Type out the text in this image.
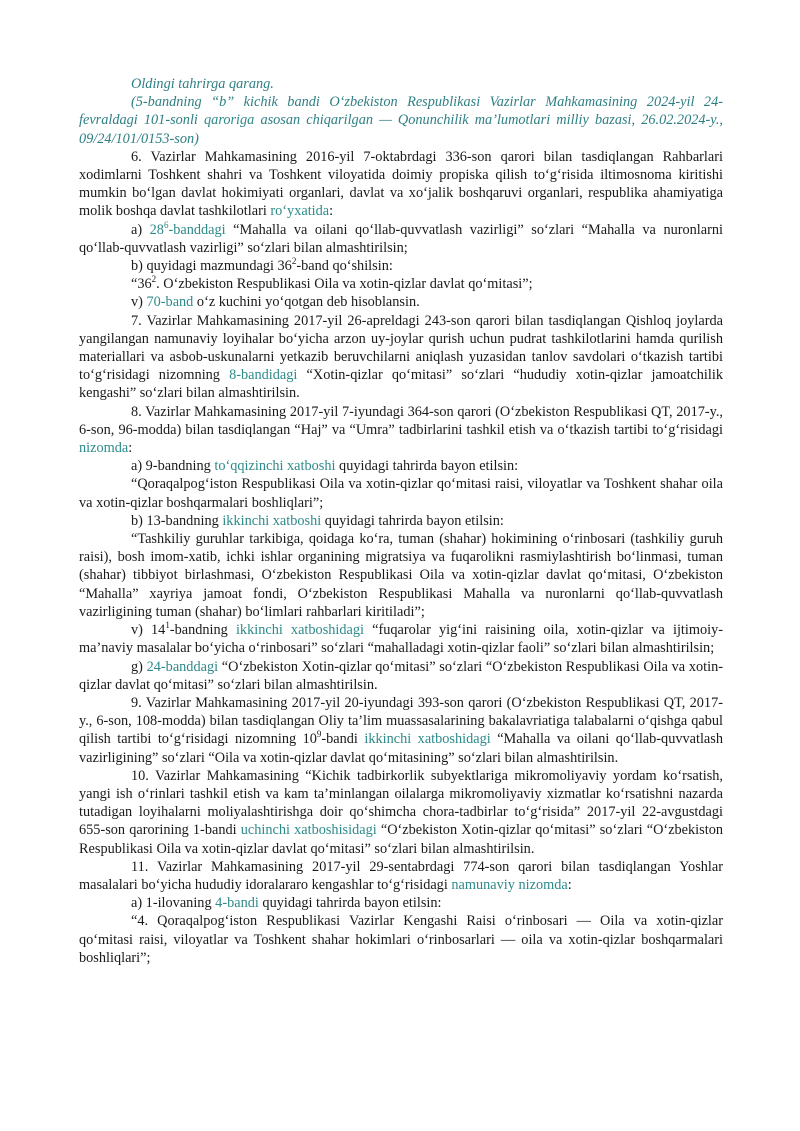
Oldingi tahrirga qarang.

(5-bandning “b” kichik bandi O‘zbekiston Respublikasi Vazirlar Mahkamasining 2024-yil 24-fevraldagi 101-sonli qaroriga asosan chiqarilgan — Qonunchilik ma’lumotlari milliy bazasi, 26.02.2024-y., 09/24/101/0153-son)

6. Vazirlar Mahkamasining 2016-yil 7-oktabrdagi 336-son qarori bilan tasdiqlangan Rahbarlari xodimlarni Toshkent shahri va Toshkent viloyatida doimiy propiska qilish to‘g‘risida iltimosnoma kiritishi mumkin bo‘lgan davlat hokimiyati organlari, davlat va xo‘jalik boshqaruvi organlari, respublika ahamiyatiga molik boshqa davlat tashkilotlari ro‘yxatida:

a) $28^6$-banddagi “Mahalla va oilani qo‘llab-quvvatlash vazirligi” so‘zlari “Mahalla va nuronlarni qo‘llab-quvvatlash vazirligi” so‘zlari bilan almashtirilsin;

b) quyidagi mazmundagi $36^2$-band qo‘shilsin:

“$36^2$. O‘zbekiston Respublikasi Oila va xotin-qizlar davlat qo‘mitasi”;

v) 70-band o‘z kuchini yo‘qotgan deb hisoblansin.

7. Vazirlar Mahkamasining 2017-yil 26-apreldagi 243-son qarori bilan tasdiqlangan Qishloq joylarda yangilangan namunaviy loyihalar bo‘yicha arzon uy-joylar qurish uchun pudrat tashkilotlarini hamda qurilish materiallari va asbob-uskunalarni yetkazib beruvchilarni aniqlash yuzasidan tanlov savdolari o‘tkazish tartibi to‘g‘risidagi nizomning 8-bandidagi “Xotin-qizlar qo‘mitasi” so‘zlari “hududiy xotin-qizlar jamoatchilik kengashi” so‘zlari bilan almashtirilsin.

8. Vazirlar Mahkamasining 2017-yil 7-iyundagi 364-son qarori (O‘zbekiston Respublikasi QT, 2017-y., 6-son, 96-modda) bilan tasdiqlangan “Haj” va “Umra” tadbirlarini tashkil etish va o‘tkazish tartibi to‘g‘risidagi nizomda:

a) 9-bandning to‘qqizinchi xatboshi quyidagi tahrirda bayon etilsin:

“Qoraqalpog‘iston Respublikasi Oila va xotin-qizlar qo‘mitasi raisi, viloyatlar va Toshkent shahar oila va xotin-qizlar boshqarmalari boshliqlari”;

b) 13-bandning ikkinchi xatboshi quyidagi tahrirda bayon etilsin:

“Tashkiliy guruhlar tarkibiga, qoidaga ko‘ra, tuman (shahar) hokimining o‘rinbosari (tashkiliy guruh raisi), bosh imom-xatib, ichki ishlar organining migratsiya va fuqarolikni rasmiylashtirish bo‘linmasi, tuman (shahar) tibbiyot birlashmasi, O‘zbekiston Respublikasi Oila va xotin-qizlar davlat qo‘mitasi, O‘zbekiston “Mahalla” xayriya jamoat fondi, O‘zbekiston Respublikasi Mahalla va nuronlarni qo‘llab-quvvatlash vazirligining tuman (shahar) bo‘limlari rahbarlari kiritiladi”;

v) $14^1$-bandning ikkinchi xatboshidagi “fuqarolar yig‘ini raisining oila, xotin-qizlar va ijtimoiy-ma’naviy masalalar bo‘yicha o‘rinbosari” so‘zlari “mahalladagi xotin-qizlar faoli” so‘zlari bilan almashtirilsin;

g) 24-banddagi “O‘zbekiston Xotin-qizlar qo‘mitasi” so‘zlari “O‘zbekiston Respublikasi Oila va xotin-qizlar davlat qo‘mitasi” so‘zlari bilan almashtirilsin.

9. Vazirlar Mahkamasining 2017-yil 20-iyundagi 393-son qarori (O‘zbekiston Respublikasi QT, 2017-y., 6-son, 108-modda) bilan tasdiqlangan Oliy ta’lim muassasalarining bakalavriatiga talabalarni o‘qishga qabul qilish tartibi to‘g‘risidagi nizomning $10^9$-bandi ikkinchi xatboshidagi “Mahalla va oilani qo‘llab-quvvatlash vazirligining” so‘zlari “Oila va xotin-qizlar davlat qo‘mitasining” so‘zlari bilan almashtirilsin.

10. Vazirlar Mahkamasining “Kichik tadbirkorlik subyektlariga mikromoliyaviy yordam ko‘rsatish, yangi ish o‘rinlari tashkil etish va kam ta’minlangan oilalarga mikromoliyaviy xizmatlar ko‘rsatishni nazarda tutadigan loyihalarni moliyalashtirishga doir qo‘shimcha chora-tadbirlar to‘g‘risida” 2017-yil 22-avgustdagi 655-son qarorining 1-bandi uchinchi xatboshisidagi “O‘zbekiston Xotin-qizlar qo‘mitasi” so‘zlari “O‘zbekiston Respublikasi Oila va xotin-qizlar davlat qo‘mitasi” so‘zlari bilan almashtirilsin.

11. Vazirlar Mahkamasining 2017-yil 29-sentabrdagi 774-son qarori bilan tasdiqlangan Yoshlar masalalari bo‘yicha hududiy idoralararo kengashlar to‘g‘risidagi namunaviy nizomda:

a) 1-ilovaning 4-bandi quyidagi tahrirda bayon etilsin:

“4. Qoraqalpog‘iston Respublikasi Vazirlar Kengashi Raisi o‘rinbosari — Oila va xotin-qizlar qo‘mitasi raisi, viloyatlar va Toshkent shahar hokimlari o‘rinbosarlari — oila va xotin-qizlar boshqarmalari boshliqlari”;
